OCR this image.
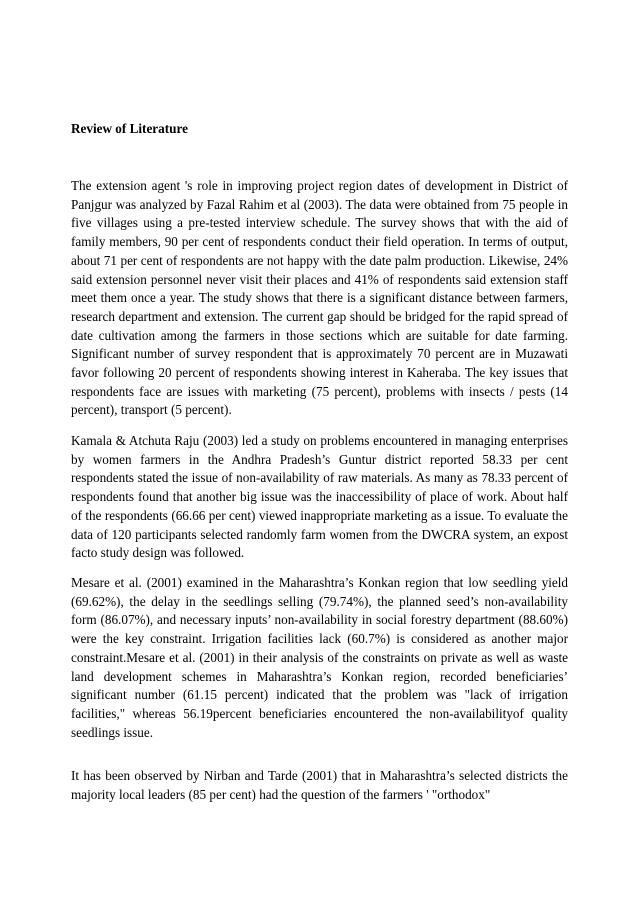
Review of Literature

The extension agent 's role in improving project region dates of development in District of Panjgur was analyzed by Fazal Rahim et al (2003). The data were obtained from 75 people in five villages using a pre-tested interview schedule. The survey shows that with the aid of family members, 90 per cent of respondents conduct their field operation. In terms of output, about 71 per cent of respondents are not happy with the date palm production. Likewise, 24% said extension personnel never visit their places and 41% of respondents said extension staff meet them once a year. The study shows that there is a significant distance between farmers, research department and extension. The current gap should be bridged for the rapid spread of date cultivation among the farmers in those sections which are suitable for date farming. Significant number of survey respondent that is approximately 70 percent are in Muzawati favor following 20 percent of respondents showing interest in Kaheraba. The key issues that respondents face are issues with marketing (75 percent), problems with insects / pests (14 percent), transport (5 percent).

Kamala & Atchuta Raju (2003) led a study on problems encountered in managing enterprises by women farmers in the Andhra Pradesh’s Guntur district reported 58.33 per cent respondents stated the issue of non-availability of raw materials. As many as 78.33 percent of respondents found that another big issue was the inaccessibility of place of work. About half of the respondents (66.66 per cent) viewed inappropriate marketing as a issue. To evaluate the data of 120 participants selected randomly farm women from the DWCRA system, an expost facto study design was followed.

Mesare et al. (2001) examined in the Maharashtra’s Konkan region that low seedling yield (69.62%), the delay in the seedlings selling (79.74%), the planned seed’s non-availability form (86.07%), and necessary inputs’ non-availability in social forestry department (88.60%) were the key constraint. Irrigation facilities lack (60.7%) is considered as another major constraint.Mesare et al. (2001) in their analysis of the constraints on private as well as waste land development schemes in Maharashtra’s Konkan region, recorded beneficiaries’ significant number (61.15 percent) indicated that the problem was "lack of irrigation facilities," whereas 56.19percent beneficiaries encountered the non-availabilityof quality seedlings issue.

It has been observed by Nirban and Tarde (2001) that in Maharashtra’s selected districts the majority local leaders (85 per cent) had the question of the farmers ' "orthodox"
